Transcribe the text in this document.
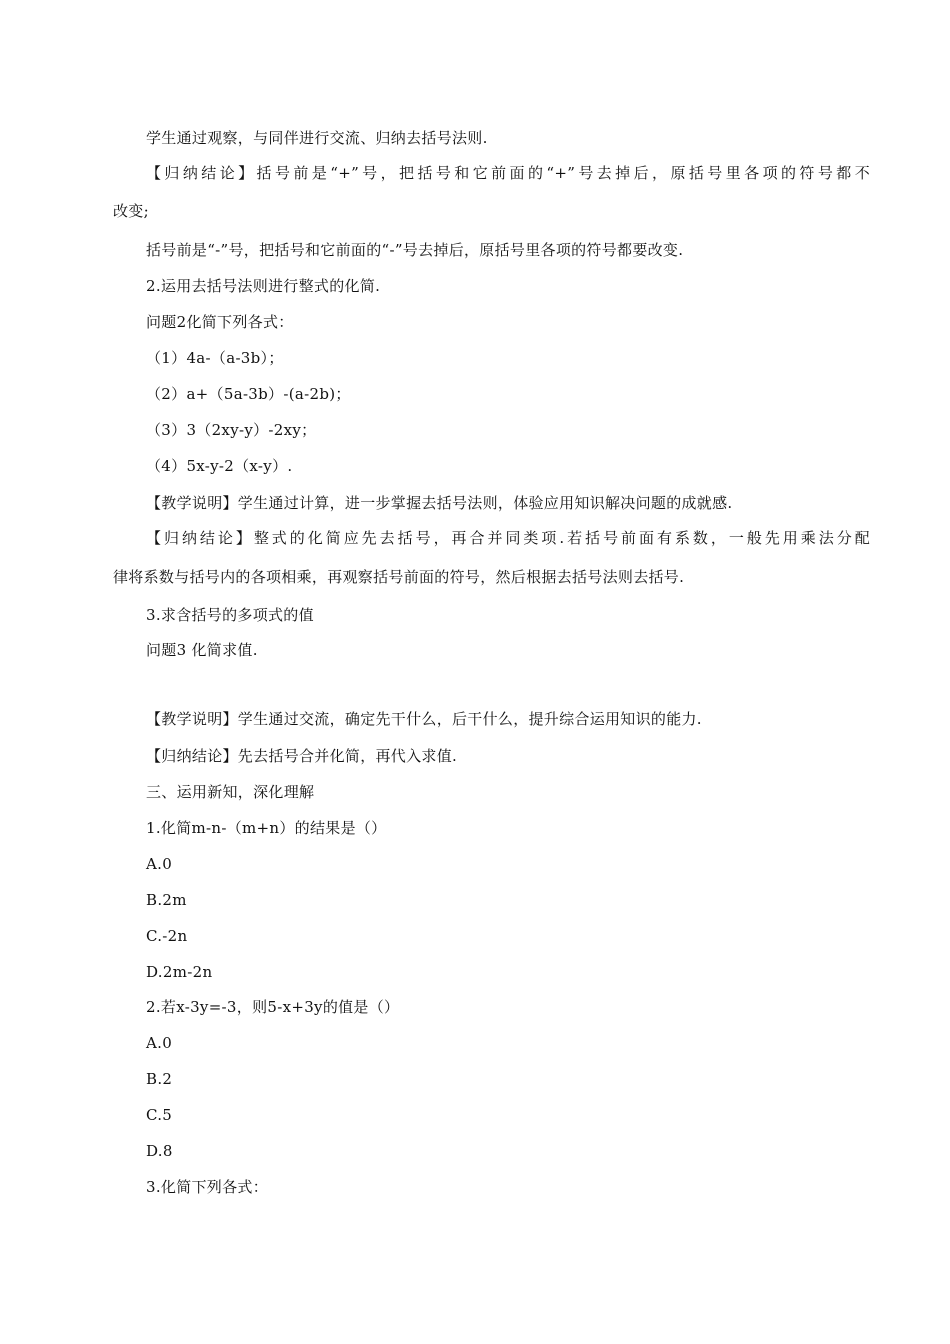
学生通过观察，与同伴进行交流、归纳去括号法则.
【归纳结论】括号前是“+”号，把括号和它前面的“+”号去掉后，原括号里各项的符号都不
改变;
括号前是“-”号，把括号和它前面的“-”号去掉后，原括号里各项的符号都要改变.
2.运用去括号法则进行整式的化简.
问题2化简下列各式：
（1）4a-（a-3b）；
（2）a+（5a-3b）-(a-2b)；
（3）3（2xy-y）-2xy；
（4）5x-y-2（x-y）.
【教学说明】学生通过计算，进一步掌握去括号法则，体验应用知识解决问题的成就感.
【归纳结论】整式的化简应先去括号，再合并同类项.若括号前面有系数，一般先用乘法分配
律将系数与括号内的各项相乘，再观察括号前面的符号，然后根据去括号法则去括号.
3.求含括号的多项式的值
问题3 化简求值.
【教学说明】学生通过交流，确定先干什么，后干什么，提升综合运用知识的能力.
【归纳结论】先去括号合并化简，再代入求值.
三、运用新知，深化理解
1.化简m-n-（m+n）的结果是（）
A.0
B.2m
C.-2n
D.2m-2n
2.若x-3y=-3，则5-x+3y的值是（）
A.0
B.2
C.5
D.8
3.化简下列各式：
